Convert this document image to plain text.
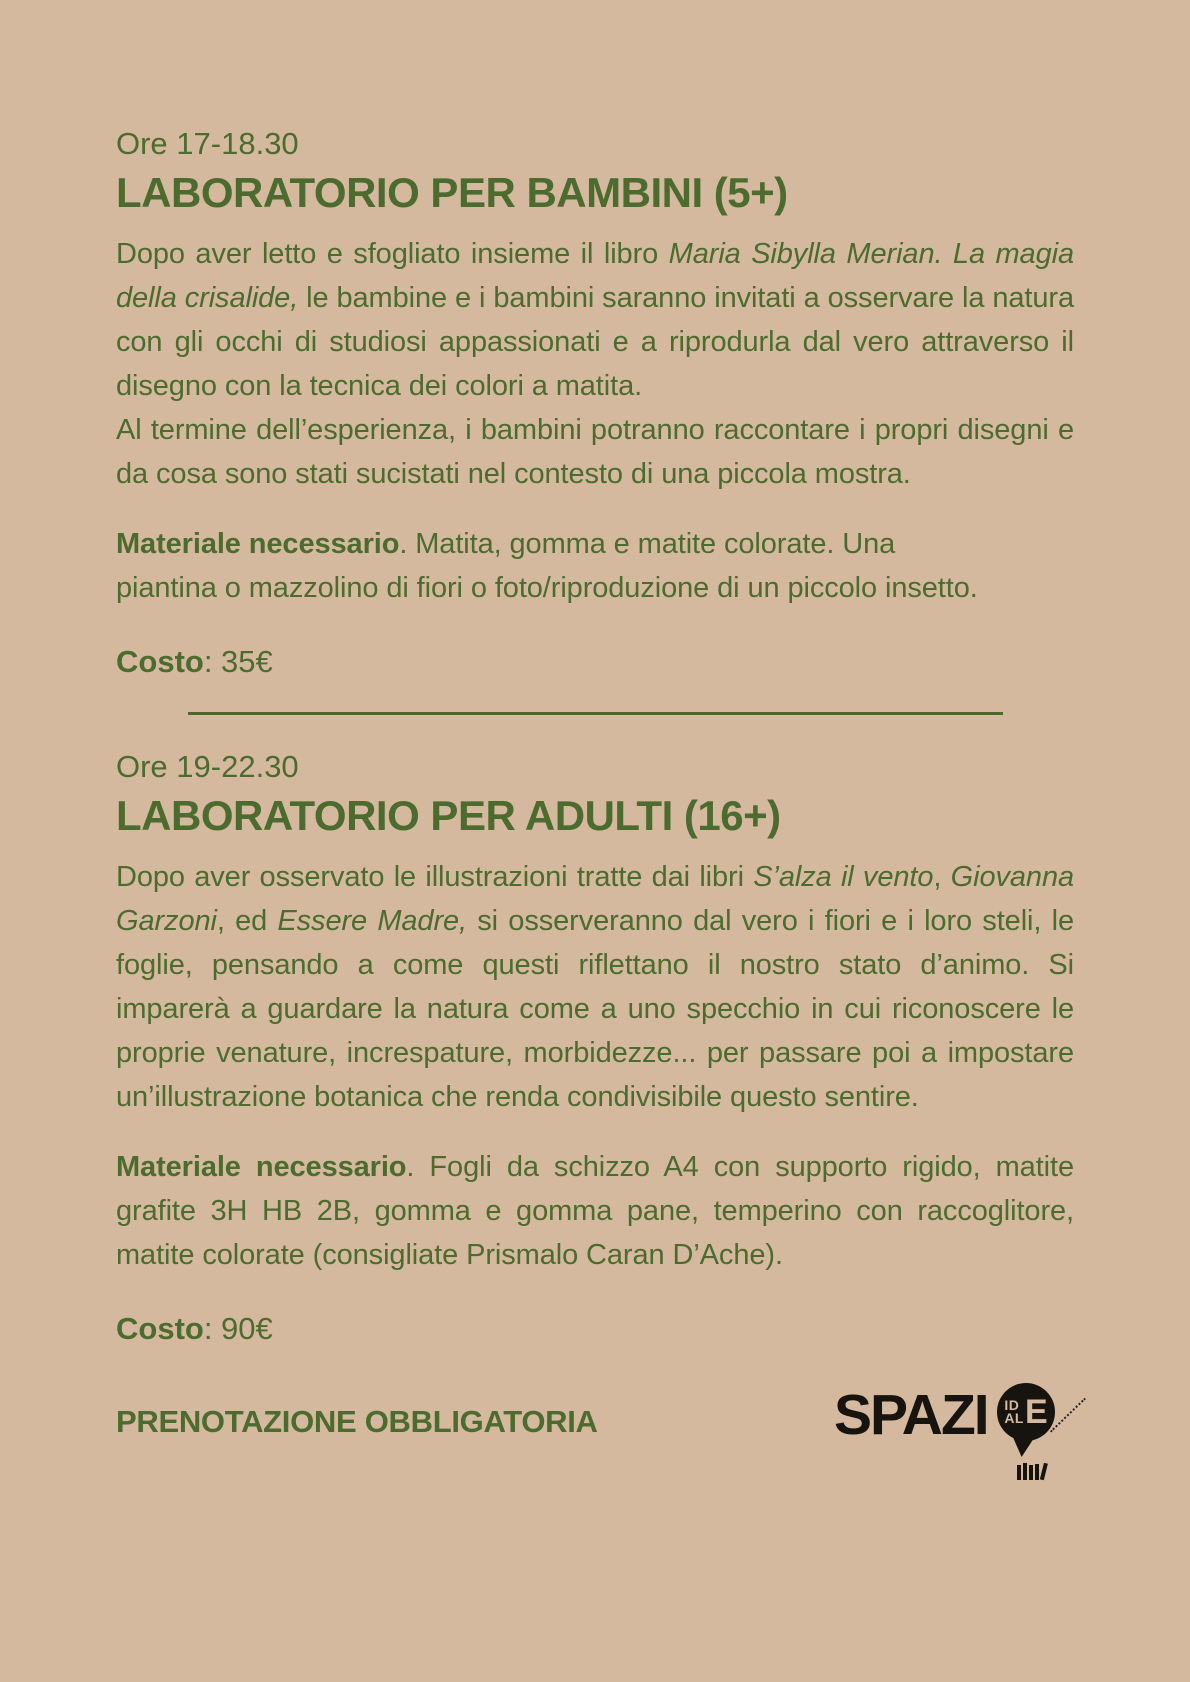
Ore 17-18.30
LABORATORIO PER BAMBINI (5+)

Dopo aver letto e sfogliato insieme il libro Maria Sibylla Merian. La magia della crisalide, le bambine e i bambini saranno invitati a osservare la natura con gli occhi di studiosi appassionati e a riprodurla dal vero attraverso il disegno con la tecnica dei colori a matita.
Al termine dell’esperienza, i bambini potranno raccontare i propri disegni e da cosa sono stati sucistati nel contesto di una piccola mostra.

Materiale necessario. Matita, gomma e matite colorate. Una
piantina o mazzolino di fiori o foto/riproduzione di un piccolo insetto.

Costo: 35€
Ore 19-22.30
LABORATORIO PER ADULTI (16+)

Dopo aver osservato le illustrazioni tratte dai libri S’alza il vento, Giovanna Garzoni, ed Essere Madre, si osserveranno dal vero i fiori e i loro steli, le foglie, pensando a come questi riflettano il nostro stato d’animo. Si imparerà a guardare la natura come a uno specchio in cui riconoscere le proprie venature, increspature, morbidezze... per passare poi a impostare un’illustrazione botanica che renda condivisibile questo sentire.

Materiale necessario. Fogli da schizzo A4 con supporto rigido, matite grafite 3H HB 2B, gomma e gomma pane, temperino con raccoglitore, matite colorate (consigliate Prismalo Caran D’Ache).

Costo: 90€
PRENOTAZIONE OBBLIGATORIA	SPAZI ID
AL E
